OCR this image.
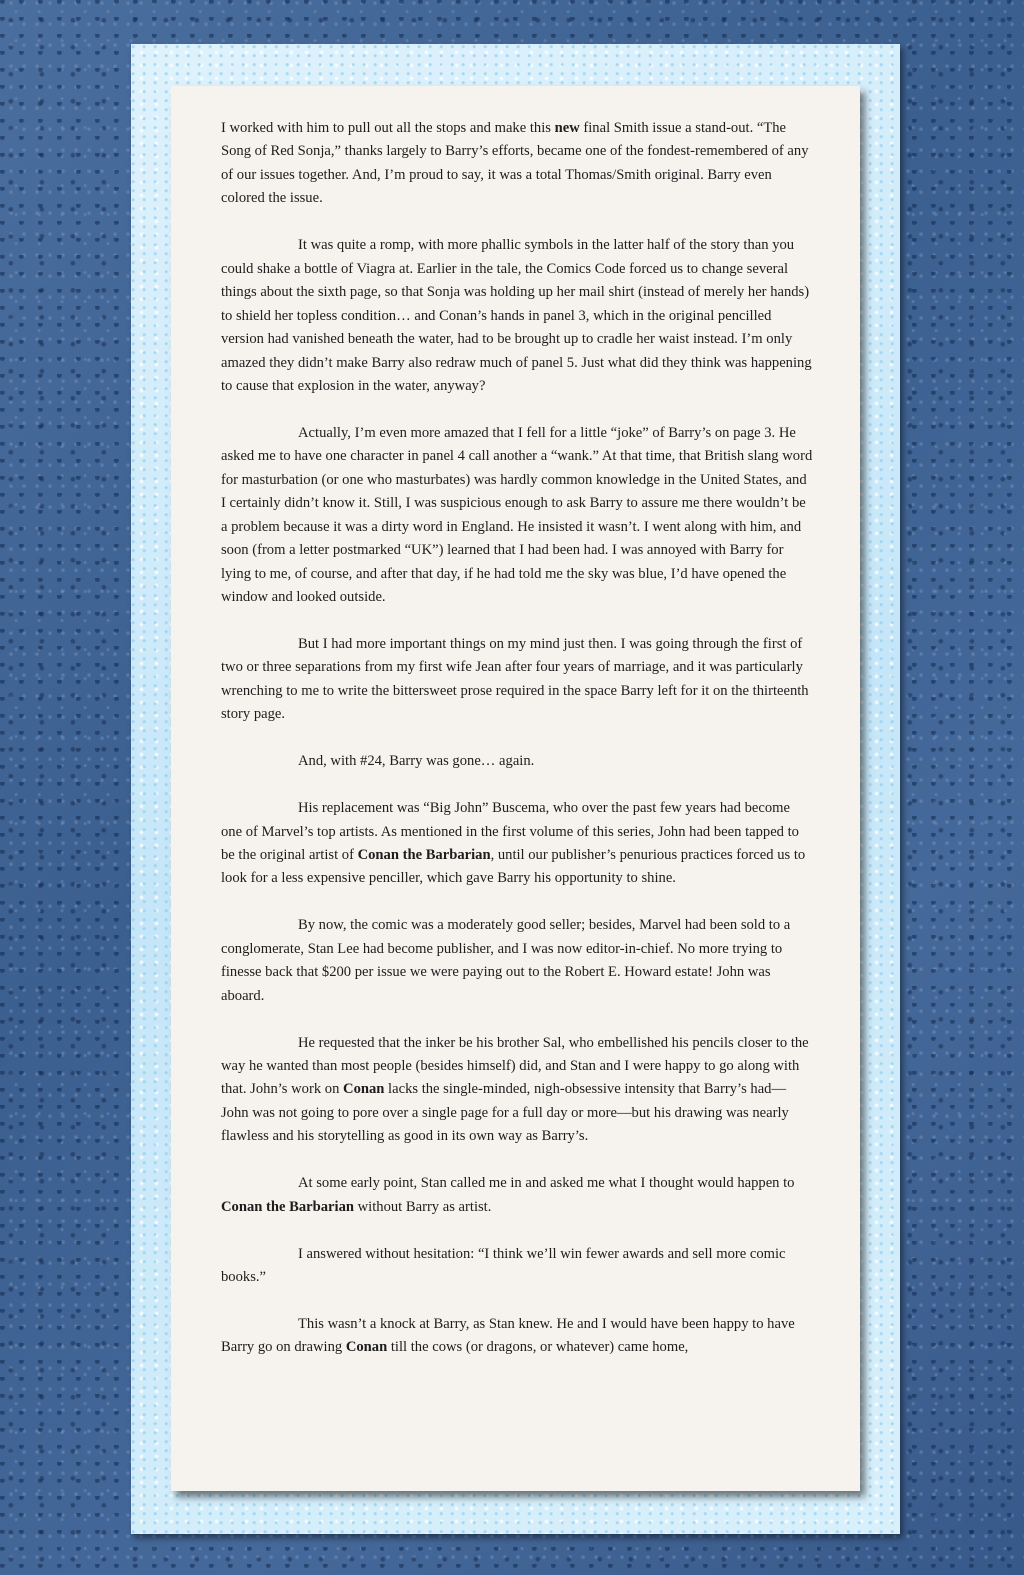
I worked with him to pull out all the stops and make this new final Smith issue a stand-out. “The Song of Red Sonja,” thanks largely to Barry’s efforts, became one of the fondest-remembered of any of our issues together. And, I’m proud to say, it was a total Thomas/Smith original. Barry even colored the issue.

It was quite a romp, with more phallic symbols in the latter half of the story than you could shake a bottle of Viagra at. Earlier in the tale, the Comics Code forced us to change several things about the sixth page, so that Sonja was holding up her mail shirt (instead of merely her hands) to shield her topless condition… and Conan’s hands in panel 3, which in the original pencilled version had vanished beneath the water, had to be brought up to cradle her waist instead. I’m only amazed they didn’t make Barry also redraw much of panel 5. Just what did they think was happening to cause that explosion in the water, anyway?

Actually, I’m even more amazed that I fell for a little “joke” of Barry’s on page 3. He asked me to have one character in panel 4 call another a “wank.” At that time, that British slang word for masturbation (or one who masturbates) was hardly common knowledge in the United States, and I certainly didn’t know it. Still, I was suspicious enough to ask Barry to assure me there wouldn’t be a problem because it was a dirty word in England. He insisted it wasn’t. I went along with him, and soon (from a letter postmarked “UK”) learned that I had been had. I was annoyed with Barry for lying to me, of course, and after that day, if he had told me the sky was blue, I’d have opened the window and looked outside.

But I had more important things on my mind just then. I was going through the first of two or three separations from my first wife Jean after four years of marriage, and it was particularly wrenching to me to write the bittersweet prose required in the space Barry left for it on the thirteenth story page.

And, with #24, Barry was gone… again.

His replacement was “Big John” Buscema, who over the past few years had become one of Marvel’s top artists. As mentioned in the first volume of this series, John had been tapped to be the original artist of Conan the Barbarian, until our publisher’s penurious practices forced us to look for a less expensive penciller, which gave Barry his opportunity to shine.

By now, the comic was a moderately good seller; besides, Marvel had been sold to a conglomerate, Stan Lee had become publisher, and I was now editor-in-chief. No more trying to finesse back that $200 per issue we were paying out to the Robert E. Howard estate! John was aboard.

He requested that the inker be his brother Sal, who embellished his pencils closer to the way he wanted than most people (besides himself) did, and Stan and I were happy to go along with that. John’s work on Conan lacks the single-minded, nigh-obsessive intensity that Barry’s had—John was not going to pore over a single page for a full day or more—but his drawing was nearly flawless and his storytelling as good in its own way as Barry’s.

At some early point, Stan called me in and asked me what I thought would happen to Conan the Barbarian without Barry as artist.

I answered without hesitation: “I think we’ll win fewer awards and sell more comic books.”

This wasn’t a knock at Barry, as Stan knew. He and I would have been happy to have Barry go on drawing Conan till the cows (or dragons, or whatever) came home,
